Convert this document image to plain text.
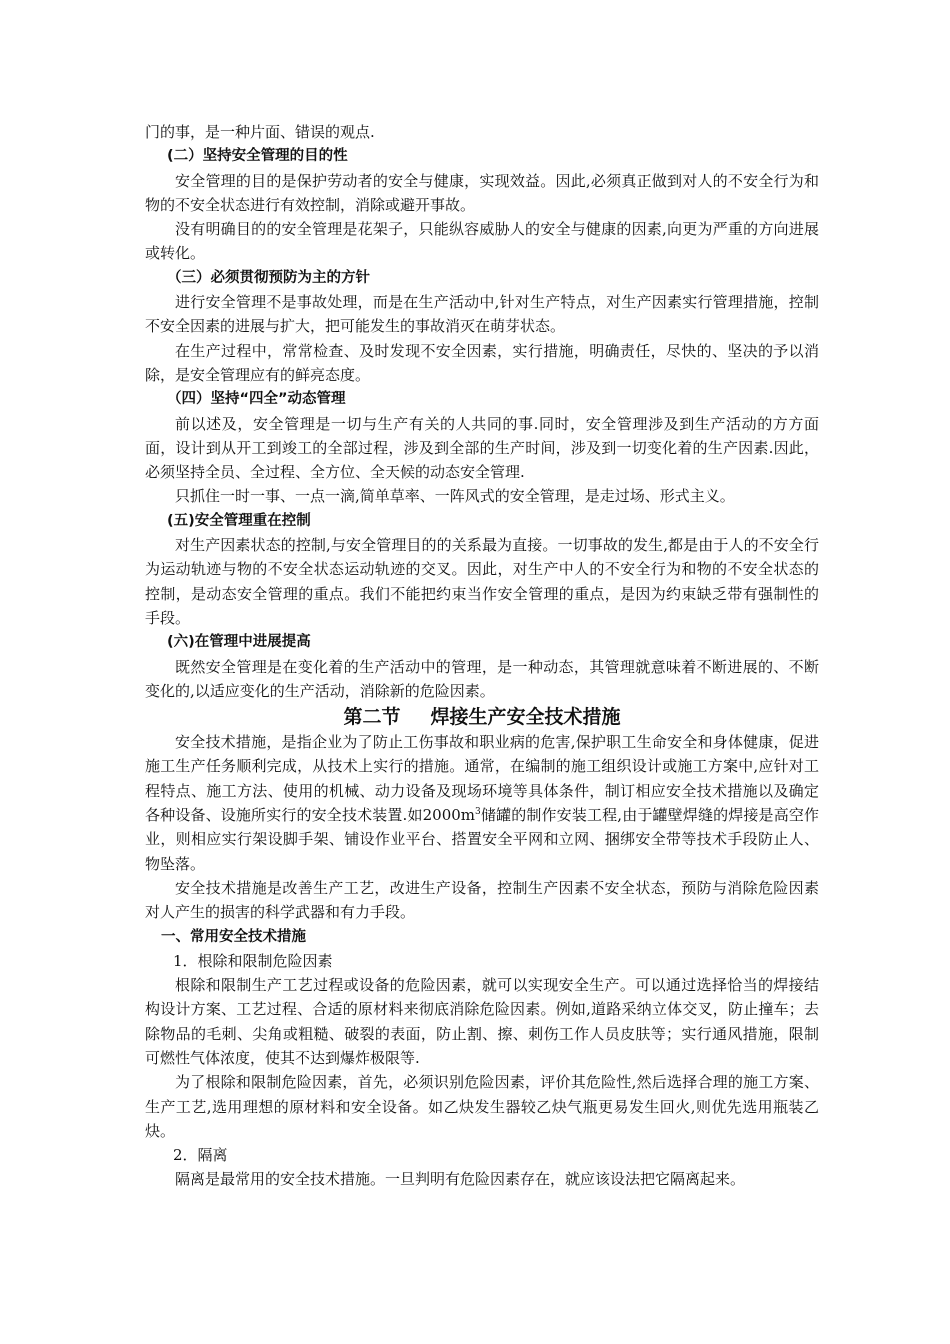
门的事，是一种片面、错误的观点.

(二）坚持安全管理的目的性

安全管理的目的是保护劳动者的安全与健康，实现效益。因此,必须真正做到对人的不安全行为和物的不安全状态进行有效控制，消除或避开事故。

没有明确目的的安全管理是花架子，只能纵容威胁人的安全与健康的因素,向更为严重的方向进展或转化。

（三）必须贯彻预防为主的方针

进行安全管理不是事故处理，而是在生产活动中,针对生产特点，对生产因素实行管理措施，控制不安全因素的进展与扩大，把可能发生的事故消灭在萌芽状态。

在生产过程中，常常检查、及时发现不安全因素，实行措施，明确责任，尽快的、坚决的予以消除，是安全管理应有的鲜亮态度。

（四）坚持“四全”动态管理

前以述及，安全管理是一切与生产有关的人共同的事.同时，安全管理涉及到生产活动的方方面面，设计到从开工到竣工的全部过程，涉及到全部的生产时间，涉及到一切变化着的生产因素.因此，必须坚持全员、全过程、全方位、全天候的动态安全管理.

只抓住一时一事、一点一滴,简单草率、一阵风式的安全管理，是走过场、形式主义。

(五)安全管理重在控制

对生产因素状态的控制,与安全管理目的的关系最为直接。一切事故的发生,都是由于人的不安全行为运动轨迹与物的不安全状态运动轨迹的交叉。因此，对生产中人的不安全行为和物的不安全状态的控制，是动态安全管理的重点。我们不能把约束当作安全管理的重点，是因为约束缺乏带有强制性的手段。

(六)在管理中进展提高

既然安全管理是在变化着的生产活动中的管理，是一种动态，其管理就意味着不断进展的、不断变化的,以适应变化的生产活动，消除新的危险因素。

第二节 焊接生产安全技术措施

安全技术措施，是指企业为了防止工伤事故和职业病的危害,保护职工生命安全和身体健康，促进施工生产任务顺利完成，从技术上实行的措施。通常，在编制的施工组织设计或施工方案中,应针对工程特点、施工方法、使用的机械、动力设备及现场环境等具体条件，制订相应安全技术措施以及确定各种设备、设施所实行的安全技术装置.如$2000m^3$储罐的制作安装工程,由于罐壁焊缝的焊接是高空作业，则相应实行架设脚手架、铺设作业平台、搭置安全平网和立网、捆绑安全带等技术手段防止人、物坠落。

安全技术措施是改善生产工艺，改进生产设备，控制生产因素不安全状态，预防与消除危险因素对人产生的损害的科学武器和有力手段。

一、常用安全技术措施

1．根除和限制危险因素

根除和限制生产工艺过程或设备的危险因素，就可以实现安全生产。可以通过选择恰当的焊接结构设计方案、工艺过程、合适的原材料来彻底消除危险因素。例如,道路采纳立体交叉，防止撞车；去除物品的毛刺、尖角或粗糙、破裂的表面，防止割、擦、刺伤工作人员皮肤等；实行通风措施，限制可燃性气体浓度，使其不达到爆炸极限等.

为了根除和限制危险因素，首先，必须识别危险因素，评价其危险性,然后选择合理的施工方案、生产工艺,选用理想的原材料和安全设备。如乙炔发生器较乙炔气瓶更易发生回火,则优先选用瓶装乙炔。

2．隔离

隔离是最常用的安全技术措施。一旦判明有危险因素存在，就应该设法把它隔离起来。
